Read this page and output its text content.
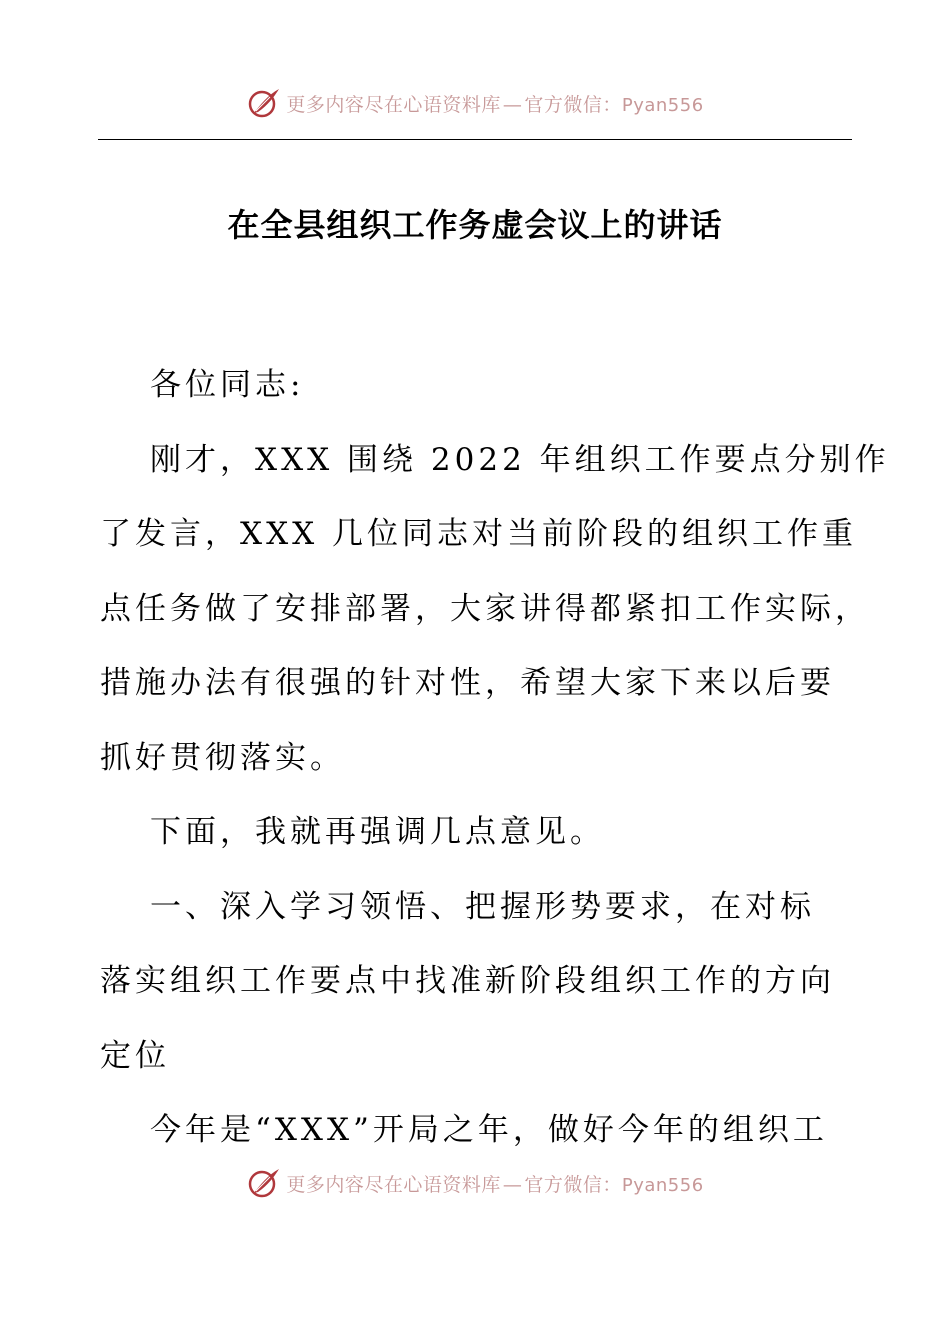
更多内容尽在心语资料库 — 官方微信：Pyan556
在全县组织工作务虚会议上的讲话
各位同志:
刚才，XXX 围绕 2022 年组织工作要点分别作
了发言，XXX 几位同志对当前阶段的组织工作重
点任务做了安排部署，大家讲得都紧扣工作实际，
措施办法有很强的针对性，希望大家下来以后要
抓好贯彻落实。
下面，我就再强调几点意见。
一、深入学习领悟、把握形势要求，在对标
落实组织工作要点中找准新阶段组织工作的方向
定位
今年是“XXX”开局之年，做好今年的组织工
更多内容尽在心语资料库 — 官方微信：Pyan556
